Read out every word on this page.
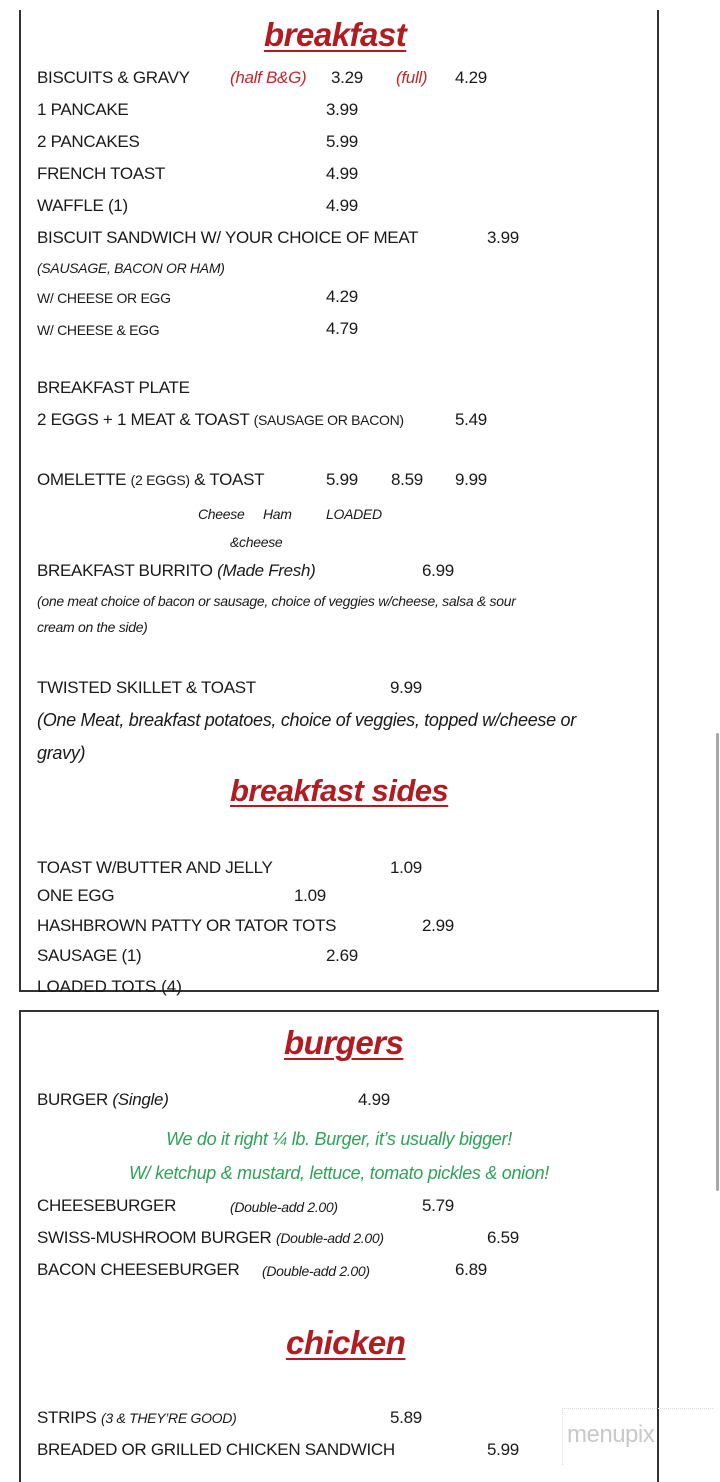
breakfast
BISCUITS & GRAVY (half B&G) 3.29 (full) 4.29
1 PANCAKE	3.99
2 PANCAKES	5.99
FRENCH TOAST	4.99
WAFFLE (1)	4.99
BISCUIT SANDWICH W/ YOUR CHOICE OF MEAT	3.99
(SAUSAGE, BACON OR HAM)
W/ CHEESE OR EGG	4.29
W/ CHEESE & EGG	4.79
BREAKFAST PLATE
2 EGGS + 1 MEAT & TOAST (SAUSAGE OR BACON)	5.49
OMELETTE (2 EGGS) & TOAST	5.99 8.59 9.99
Cheese Ham LOADED
&cheese
BREAKFAST BURRITO (Made Fresh)	6.99
(one meat choice of bacon or sausage, choice of veggies w/cheese, salsa & sour
cream on the side)
TWISTED SKILLET & TOAST	9.99
(One Meat, breakfast potatoes, choice of veggies, topped w/cheese or
gravy)
breakfast sides
TOAST W/BUTTER AND JELLY	1.09
ONE EGG	1.09
HASHBROWN PATTY OR TATOR TOTS	2.99
SAUSAGE (1)	2.69
LOADED TOTS (4)
burgers
BURGER (Single)	4.99
We do it right ¼ lb. Burger, it’s usually bigger!
W/ ketchup & mustard, lettuce, tomato pickles & onion!
CHEESEBURGER	(Double-add 2.00)	5.79
SWISS-MUSHROOM BURGER (Double-add 2.00)	6.59
BACON CHEESEBURGER (Double-add 2.00)	6.89
chicken
STRIPS (3 & THEY’RE GOOD)	5.89
BREADED OR GRILLED CHICKEN SANDWICH	5.99
menupix
